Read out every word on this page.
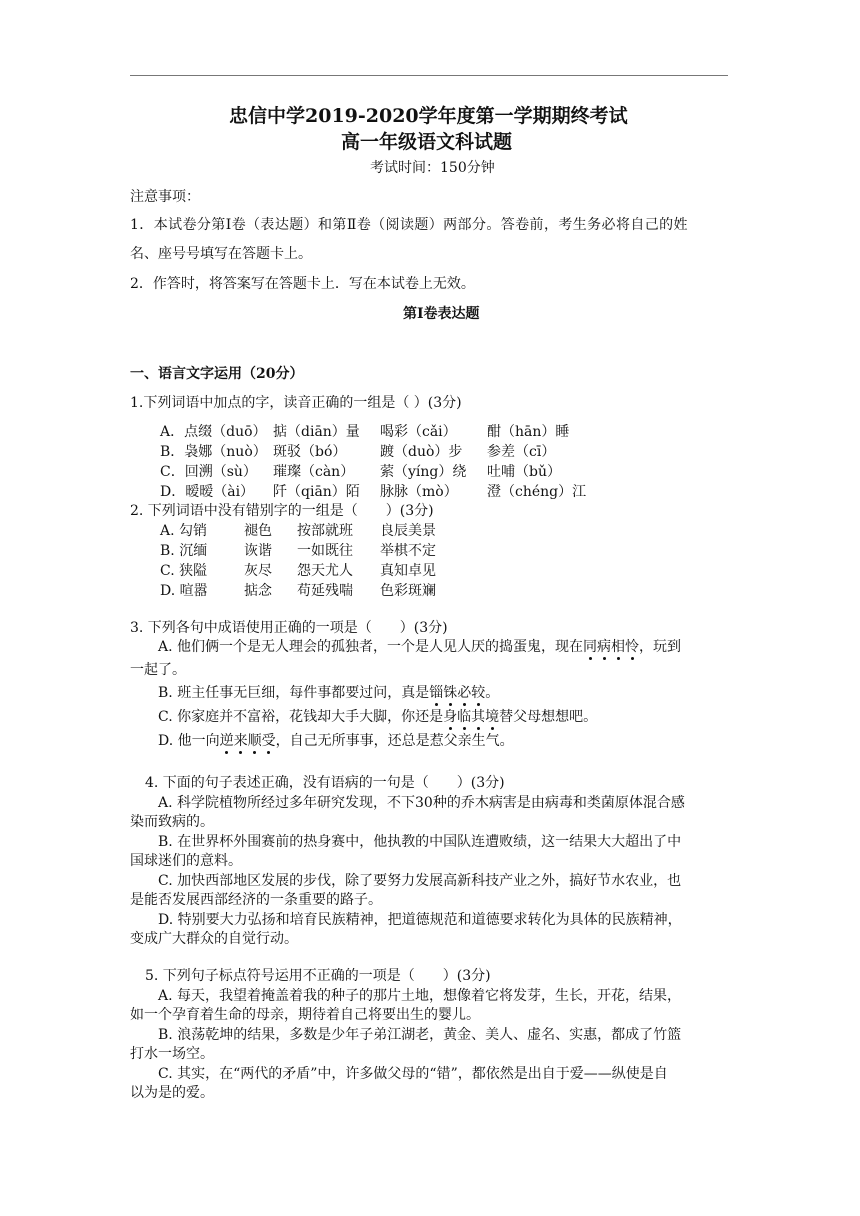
忠信中学2019-2020学年度第一学期期终考试
高一年级语文科试题
考试时间：150分钟
注意事项：
1．本试卷分第Ⅰ卷（表达题）和第Ⅱ卷（阅读题）两部分。答卷前，考生务必将自己的姓
名、座号号填写在答题卡上。
2．作答时，将答案写在答题卡上．写在本试卷上无效。
第Ⅰ卷表达题
一、语言文字运用（20分）
1.下列词语中加点的字，读音正确的一组是（ ）(3分)
A．点缀（duō） 掂（diān）量 喝彩（cǎi） 酣（hān）睡
B．袅娜（nuò） 斑驳（bó） 踱（duò）步 参差（cī）
C．回溯（sù） 璀璨（càn） 萦（yíng）绕 吐哺（bǔ）
D．暧暧（ài） 阡（qiān）陌 脉脉（mò） 澄（chéng）江
2. 下列词语中没有错别字的一组是（　　）(3分)
A. 勾销	褪色 按部就班 良辰美景
B. 沉缅	诙谐 一如既往 举棋不定
C. 狭隘	灰尽 怨天尤人 真知卓见
D. 喧嚣	掂念 苟延残喘 色彩斑斓
3. 下列各句中成语使用正确的一项是（　　）(3分)
A. 他们俩一个是无人理会的孤独者，一个是人见人厌的捣蛋鬼，现在同病相怜，玩到
一起了。
B. 班主任事无巨细，每件事都要过问，真是锱铢必较。
C. 你家庭并不富裕，花钱却大手大脚，你还是身临其境替父母想想吧。
D. 他一向逆来顺受，自己无所事事，还总是惹父亲生气。
4. 下面的句子表述正确，没有语病的一句是（　　）(3分)
A. 科学院植物所经过多年研究发现，不下30种的乔木病害是由病毒和类菌原体混合感
染而致病的。
B. 在世界杯外围赛前的热身赛中，他执教的中国队连遭败绩，这一结果大大超出了中
国球迷们的意料。
C. 加快西部地区发展的步伐，除了要努力发展高新科技产业之外，搞好节水农业，也
是能否发展西部经济的一条重要的路子。
D. 特别要大力弘扬和培育民族精神，把道德规范和道德要求转化为具体的民族精神，
变成广大群众的自觉行动。
5. 下列句子标点符号运用不正确的一项是（　　）(3分)
A. 每天，我望着掩盖着我的种子的那片土地，想像着它将发芽，生长，开花，结果，
如一个孕育着生命的母亲，期待着自己将要出生的婴儿。
B. 浪荡乾坤的结果，多数是少年子弟江湖老，黄金、美人、虚名、实惠，都成了竹篮
打水一场空。
C. 其实，在“两代的矛盾”中，许多做父母的“错”，都依然是出自于爱——纵使是自
以为是的爱。
